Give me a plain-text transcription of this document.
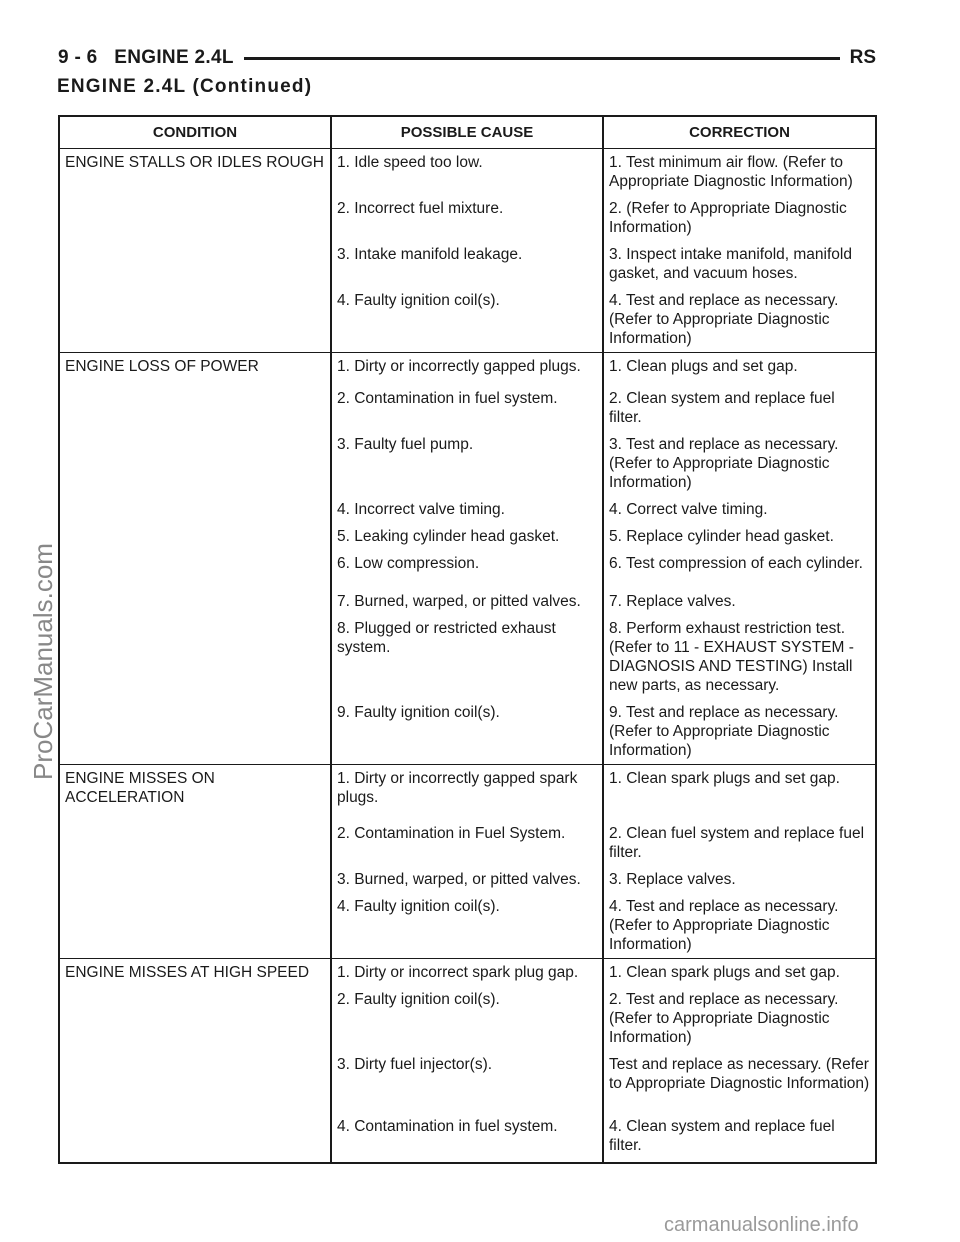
9 - 6 ENGINE 2.4L	RS
ENGINE 2.4L (Continued)
CONDITION	POSSIBLE CAUSE	CORRECTION
ENGINE STALLS OR IDLES ROUGH	1. Idle speed too low.	1. Test minimum air flow. (Refer to Appropriate Diagnostic Information)
	2. Incorrect fuel mixture.	2. (Refer to Appropriate Diagnostic Information)
	3. Intake manifold leakage.	3. Inspect intake manifold, manifold gasket, and vacuum hoses.
	4. Faulty ignition coil(s).	4. Test and replace as necessary. (Refer to Appropriate Diagnostic Information)
ENGINE LOSS OF POWER	1. Dirty or incorrectly gapped plugs.	1. Clean plugs and set gap.
	2. Contamination in fuel system.	2. Clean system and replace fuel filter.
	3. Faulty fuel pump.	3. Test and replace as necessary. (Refer to Appropriate Diagnostic Information)
	4. Incorrect valve timing.	4. Correct valve timing.
	5. Leaking cylinder head gasket.	5. Replace cylinder head gasket.
	6. Low compression.	6. Test compression of each cylinder.
	7. Burned, warped, or pitted valves.	7. Replace valves.
	8. Plugged or restricted exhaust system.	8. Perform exhaust restriction test. (Refer to 11 - EXHAUST SYSTEM - DIAGNOSIS AND TESTING) Install new parts, as necessary.
	9. Faulty ignition coil(s).	9. Test and replace as necessary. (Refer to Appropriate Diagnostic Information)
ENGINE MISSES ON ACCELERATION	1. Dirty or incorrectly gapped spark plugs.	1. Clean spark plugs and set gap.
	2. Contamination in Fuel System.	2. Clean fuel system and replace fuel filter.
	3. Burned, warped, or pitted valves.	3. Replace valves.
	4. Faulty ignition coil(s).	4. Test and replace as necessary. (Refer to Appropriate Diagnostic Information)
ENGINE MISSES AT HIGH SPEED	1. Dirty or incorrect spark plug gap.	1. Clean spark plugs and set gap.
	2. Faulty ignition coil(s).	2. Test and replace as necessary. (Refer to Appropriate Diagnostic Information)
	3. Dirty fuel injector(s).	Test and replace as necessary. (Refer to Appropriate Diagnostic Information)
	4. Contamination in fuel system.	4. Clean system and replace fuel filter.
ProCarManuals.com
carmanualsonline.info
